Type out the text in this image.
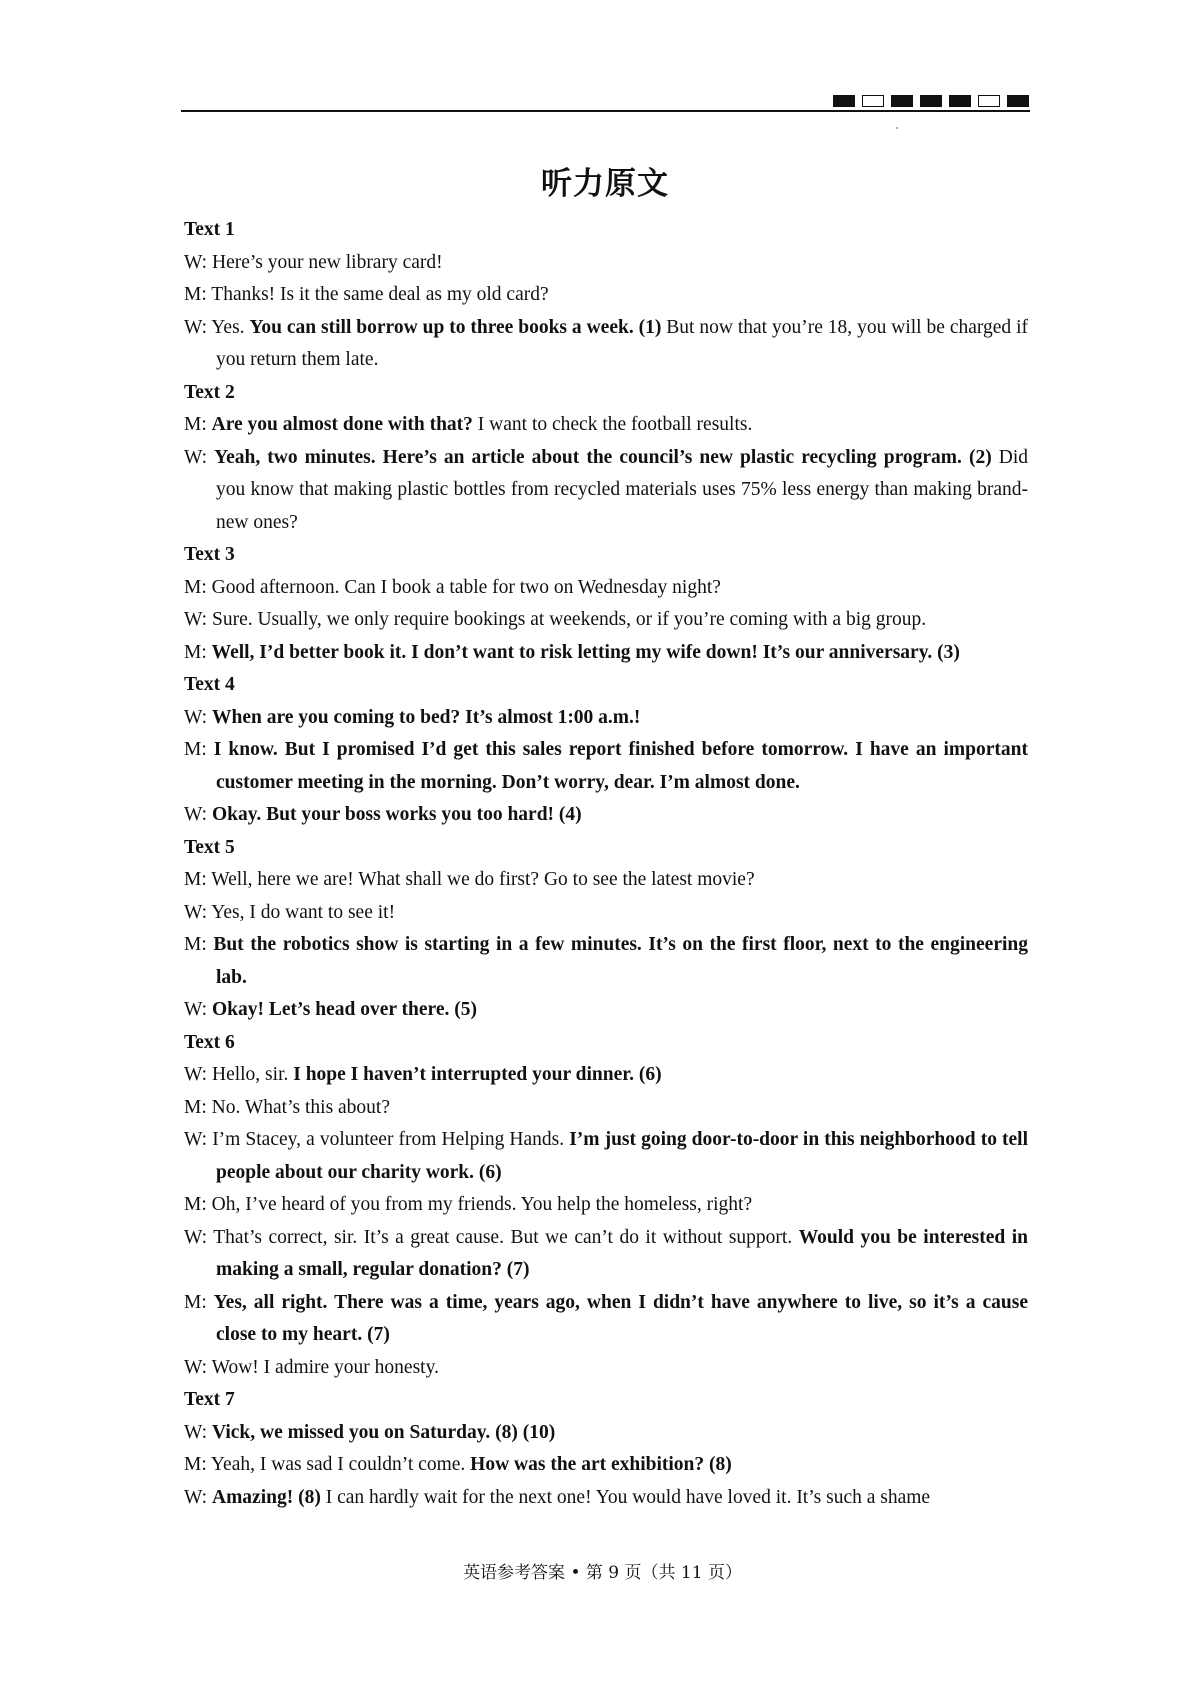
听力原文
Text 1
W: Here’s your new library card!
M: Thanks! Is it the same deal as my old card?
W: Yes. You can still borrow up to three books a week. (1) But now that you’re 18, you will be charged if you return them late.
Text 2
M: Are you almost done with that? I want to check the football results.
W: Yeah, two minutes. Here’s an article about the council’s new plastic recycling program. (2) Did you know that making plastic bottles from recycled materials uses 75% less energy than making brand-new ones?
Text 3
M: Good afternoon. Can I book a table for two on Wednesday night?
W: Sure. Usually, we only require bookings at weekends, or if you’re coming with a big group.
M: Well, I’d better book it. I don’t want to risk letting my wife down! It’s our anniversary. (3)
Text 4
W: When are you coming to bed? It’s almost 1:00 a.m.!
M: I know. But I promised I’d get this sales report finished before tomorrow. I have an important customer meeting in the morning. Don’t worry, dear. I’m almost done.
W: Okay. But your boss works you too hard! (4)
Text 5
M: Well, here we are! What shall we do first? Go to see the latest movie?
W: Yes, I do want to see it!
M: But the robotics show is starting in a few minutes. It’s on the first floor, next to the engineering lab.
W: Okay! Let’s head over there. (5)
Text 6
W: Hello, sir. I hope I haven’t interrupted your dinner. (6)
M: No. What’s this about?
W: I’m Stacey, a volunteer from Helping Hands. I’m just going door-to-door in this neighborhood to tell people about our charity work. (6)
M: Oh, I’ve heard of you from my friends. You help the homeless, right?
W: That’s correct, sir. It’s a great cause. But we can’t do it without support. Would you be interested in making a small, regular donation? (7)
M: Yes, all right. There was a time, years ago, when I didn’t have anywhere to live, so it’s a cause close to my heart. (7)
W: Wow! I admire your honesty.
Text 7
W: Vick, we missed you on Saturday. (8) (10)
M: Yeah, I was sad I couldn’t come. How was the art exhibition? (8)
W: Amazing! (8) I can hardly wait for the next one! You would have loved it. It’s such a shame
英语参考答案 • 第 9 页（共 11 页）
